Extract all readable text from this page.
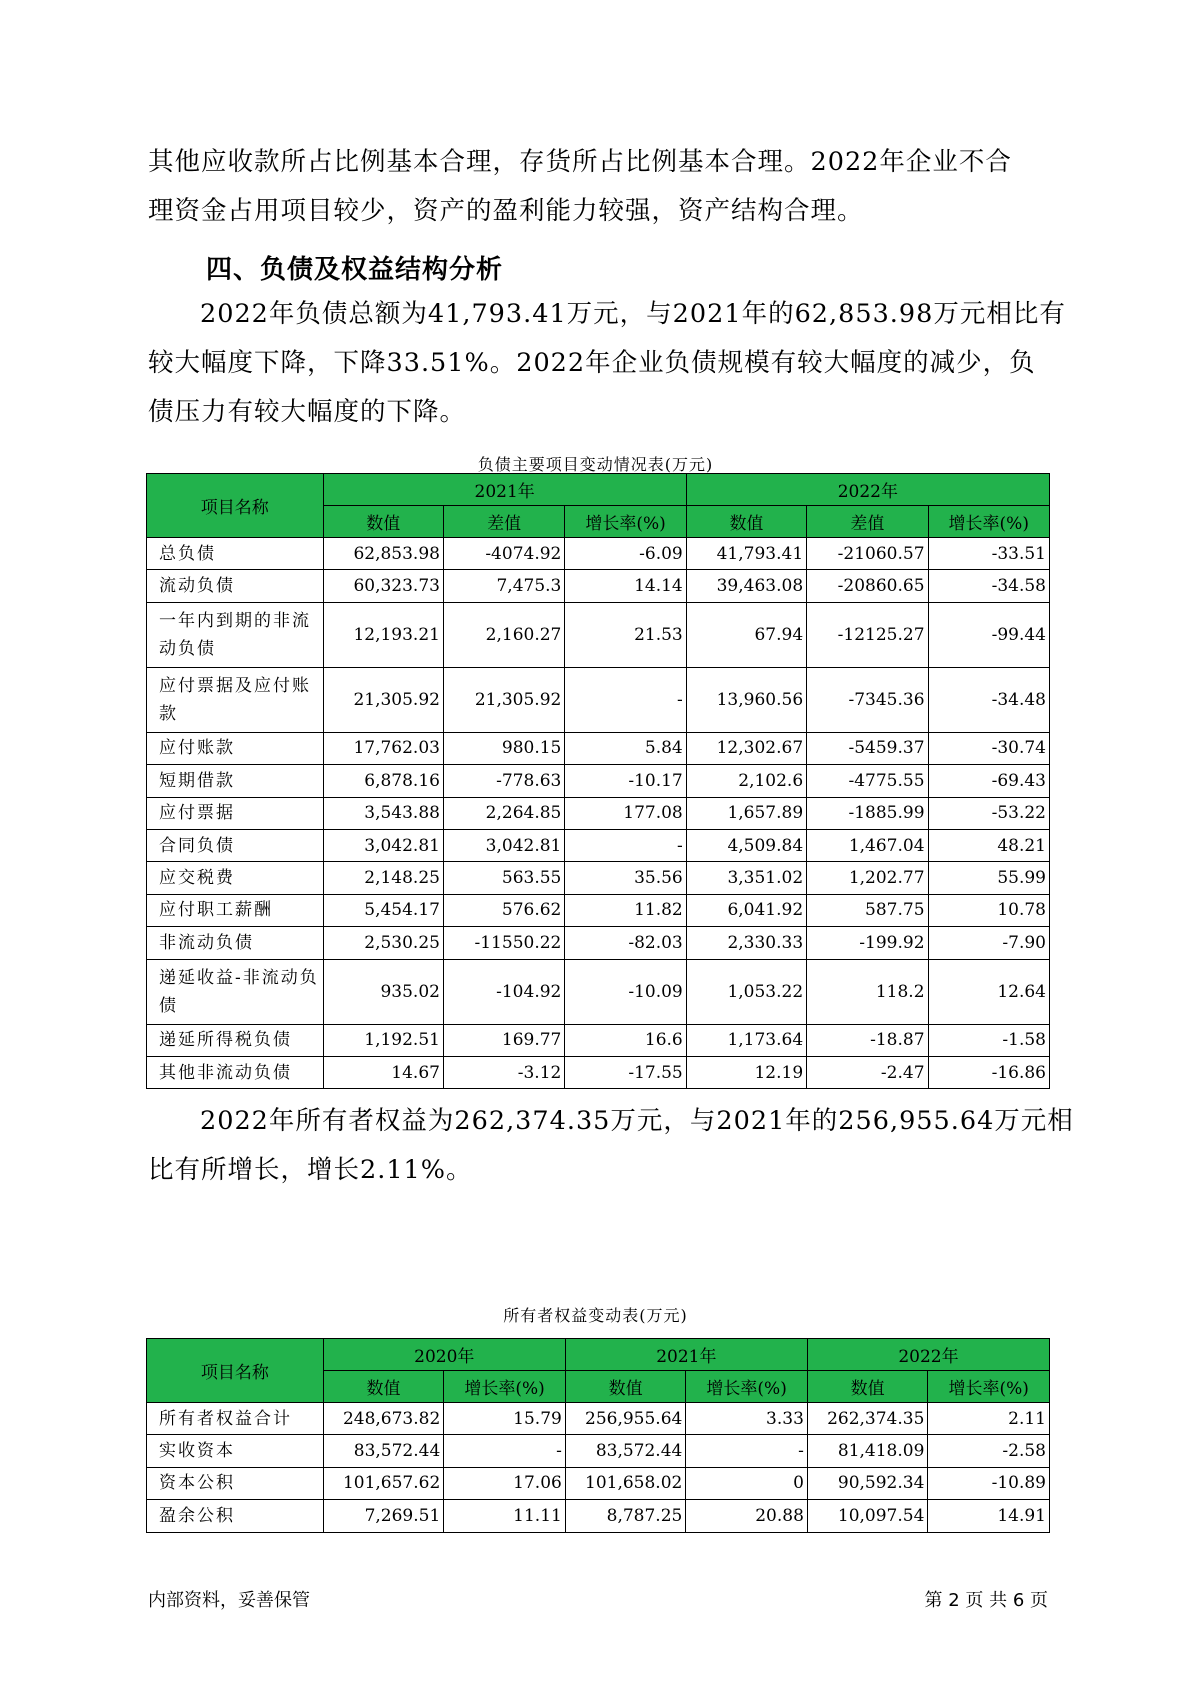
其他应收款所占比例基本合理，存货所占比例基本合理。2022年企业不合
理资金占用项目较少，资产的盈利能力较强，资产结构合理。
四、负债及权益结构分析
2022年负债总额为41,793.41万元，与2021年的62,853.98万元相比有
较大幅度下降，下降33.51%。2022年企业负债规模有较大幅度的减少，负
债压力有较大幅度的下降。

负债主要项目变动情况表(万元)

项目名称	2021年			2022年		
	数值	差值	增长率(%)	数值	差值	增长率(%)
总负债	62,853.98	-4074.92	-6.09	41,793.41	-21060.57	-33.51
流动负债	60,323.73	7,475.3	14.14	39,463.08	-20860.65	-34.58
一年内到期的非流动负债	12,193.21	2,160.27	21.53	67.94	-12125.27	-99.44
应付票据及应付账款	21,305.92	21,305.92	-	13,960.56	-7345.36	-34.48
应付账款	17,762.03	980.15	5.84	12,302.67	-5459.37	-30.74
短期借款	6,878.16	-778.63	-10.17	2,102.6	-4775.55	-69.43
应付票据	3,543.88	2,264.85	177.08	1,657.89	-1885.99	-53.22
合同负债	3,042.81	3,042.81	-	4,509.84	1,467.04	48.21
应交税费	2,148.25	563.55	35.56	3,351.02	1,202.77	55.99
应付职工薪酬	5,454.17	576.62	11.82	6,041.92	587.75	10.78
非流动负债	2,530.25	-11550.22	-82.03	2,330.33	-199.92	-7.90
递延收益-非流动负债	935.02	-104.92	-10.09	1,053.22	118.2	12.64
递延所得税负债	1,192.51	169.77	16.6	1,173.64	-18.87	-1.58
其他非流动负债	14.67	-3.12	-17.55	12.19	-2.47	-16.86
2022年所有者权益为262,374.35万元，与2021年的256,955.64万元相
比有所增长，增长2.11%。

所有者权益变动表(万元)

项目名称	2020年		2021年		2022年	
	数值	增长率(%)	数值	增长率(%)	数值	增长率(%)
所有者权益合计	248,673.82	15.79	256,955.64	3.33	262,374.35	2.11
实收资本	83,572.44	-	83,572.44	-	81,418.09	-2.58
资本公积	101,657.62	17.06	101,658.02	0	90,592.34	-10.89
盈余公积	7,269.51	11.11	8,787.25	20.88	10,097.54	14.91
内部资料，妥善保管	第 2 页 共 6 页
